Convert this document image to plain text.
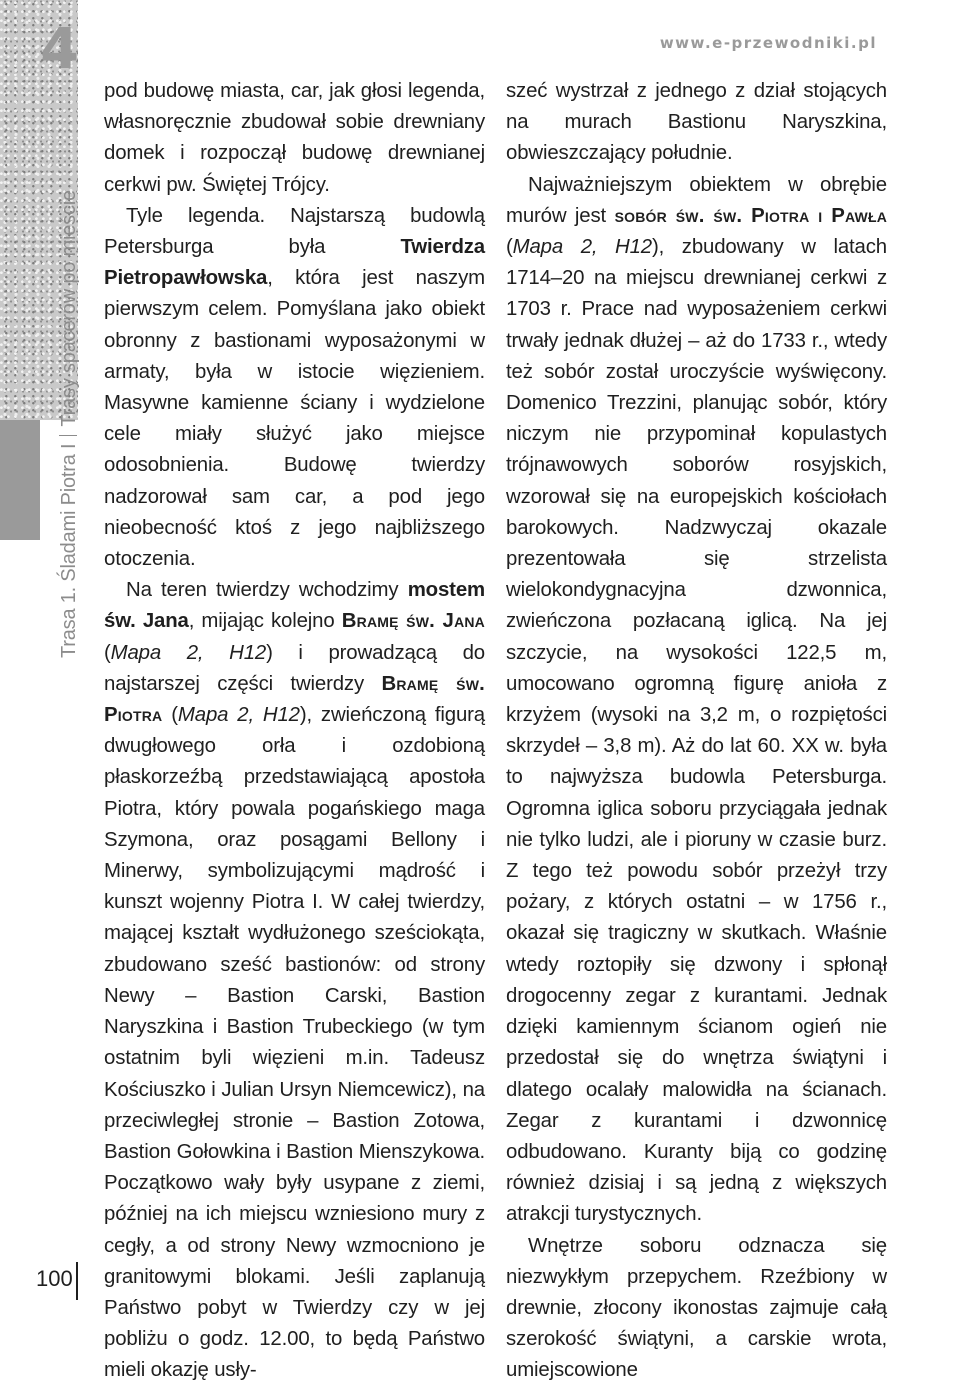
4
Trasa 1. Śladami Piotra ITrasy spacerów po mieście
www.e-przewodniki.pl
100

pod budowę miasta, car, jak głosi legenda, własnoręcznie zbudował sobie drewniany domek i rozpoczął budowę drewnianej cerkwi pw. Świętej Trójcy.

Tyle legenda. Najstarszą budowlą Petersburga była Twierdza Pietropawłowska, która jest naszym pierwszym celem. Pomyślana jako obiekt obronny z bastionami wyposażonymi w armaty, była w istocie więzieniem. Masywne kamienne ściany i wydzielone cele miały służyć jako miejsce odosobnienia. Budowę twierdzy nadzorował sam car, a pod jego nieobecność ktoś z jego najbliższego otoczenia.

Na teren twierdzy wchodzimy mostem św. Jana, mijając kolejno Bramę św. Jana (Mapa 2, H12) i prowadzącą do najstarszej części twierdzy Bramę św. Piotra (Mapa 2, H12), zwieńczoną figurą dwugłowego orła i ozdobioną płaskorzeźbą przedstawiającą apostoła Piotra, który powala pogańskiego maga Szymona, oraz posągami Bellony i Minerwy, symbolizującymi mądrość i kunszt wojenny Piotra I. W całej twierdzy, mającej kształt wydłużonego sześciokąta, zbudowano sześć bastionów: od strony Newy – Bastion Carski, Bastion Naryszkina i Bastion Trubeckiego (w tym ostatnim byli więzieni m.in. Tadeusz Kościuszko i Julian Ursyn Niemcewicz), na przeciwległej stronie – Bastion Zotowa, Bastion Gołowkina i Bastion Mienszykowa. Początkowo wały były usypane z ziemi, później na ich miejscu wzniesiono mury z cegły, a od strony Newy wzmocniono je granitowymi blokami. Jeśli zaplanują Państwo pobyt w Twierdzy czy w jej pobliżu o godz. 12.00, to będą Państwo mieli okazję usły-

szeć wystrzał z jednego z dział stojących na murach Bastionu Naryszkina, obwieszczający południe.

Najważniejszym obiektem w obrębie murów jest sobór św. św. Piotra i Pawła (Mapa 2, H12), zbudowany w latach 1714–20 na miejscu drewnianej cerkwi z 1703 r. Prace nad wyposażeniem cerkwi trwały jednak dłużej – aż do 1733 r., wtedy też sobór został uroczyście wyświęcony. Domenico Trezzini, planując sobór, który niczym nie przypominał kopulastych trójnawowych soborów rosyjskich, wzorował się na europejskich kościołach barokowych. Nadzwyczaj okazale prezentowała się strzelista wielokondygnacyjna dzwonnica, zwieńczona pozłacaną iglicą. Na jej szczycie, na wysokości 122,5 m, umocowano ogromną figurę anioła z krzyżem (wysoki na 3,2 m, o rozpiętości skrzydeł – 3,8 m). Aż do lat 60. XX w. była to najwyższa budowla Petersburga. Ogromna iglica soboru przyciągała jednak nie tylko ludzi, ale i pioruny w czasie burz. Z tego też powodu sobór przeżył trzy pożary, z których ostatni – w 1756 r., okazał się tragiczny w skutkach. Właśnie wtedy roztopiły się dzwony i spłonął drogocenny zegar z kurantami. Jednak dzięki kamiennym ścianom ogień nie przedostał się do wnętrza świątyni i dlatego ocalały malowidła na ścianach. Zegar z kurantami i dzwonnicę odbudowano. Kuranty biją co godzinę również dzisiaj i są jedną z większych atrakcji turystycznych.

Wnętrze soboru odznacza się niezwykłym przepychem. Rzeźbiony w drewnie, złocony ikonostas zajmuje całą szerokość świątyni, a carskie wrota, umiejscowione
